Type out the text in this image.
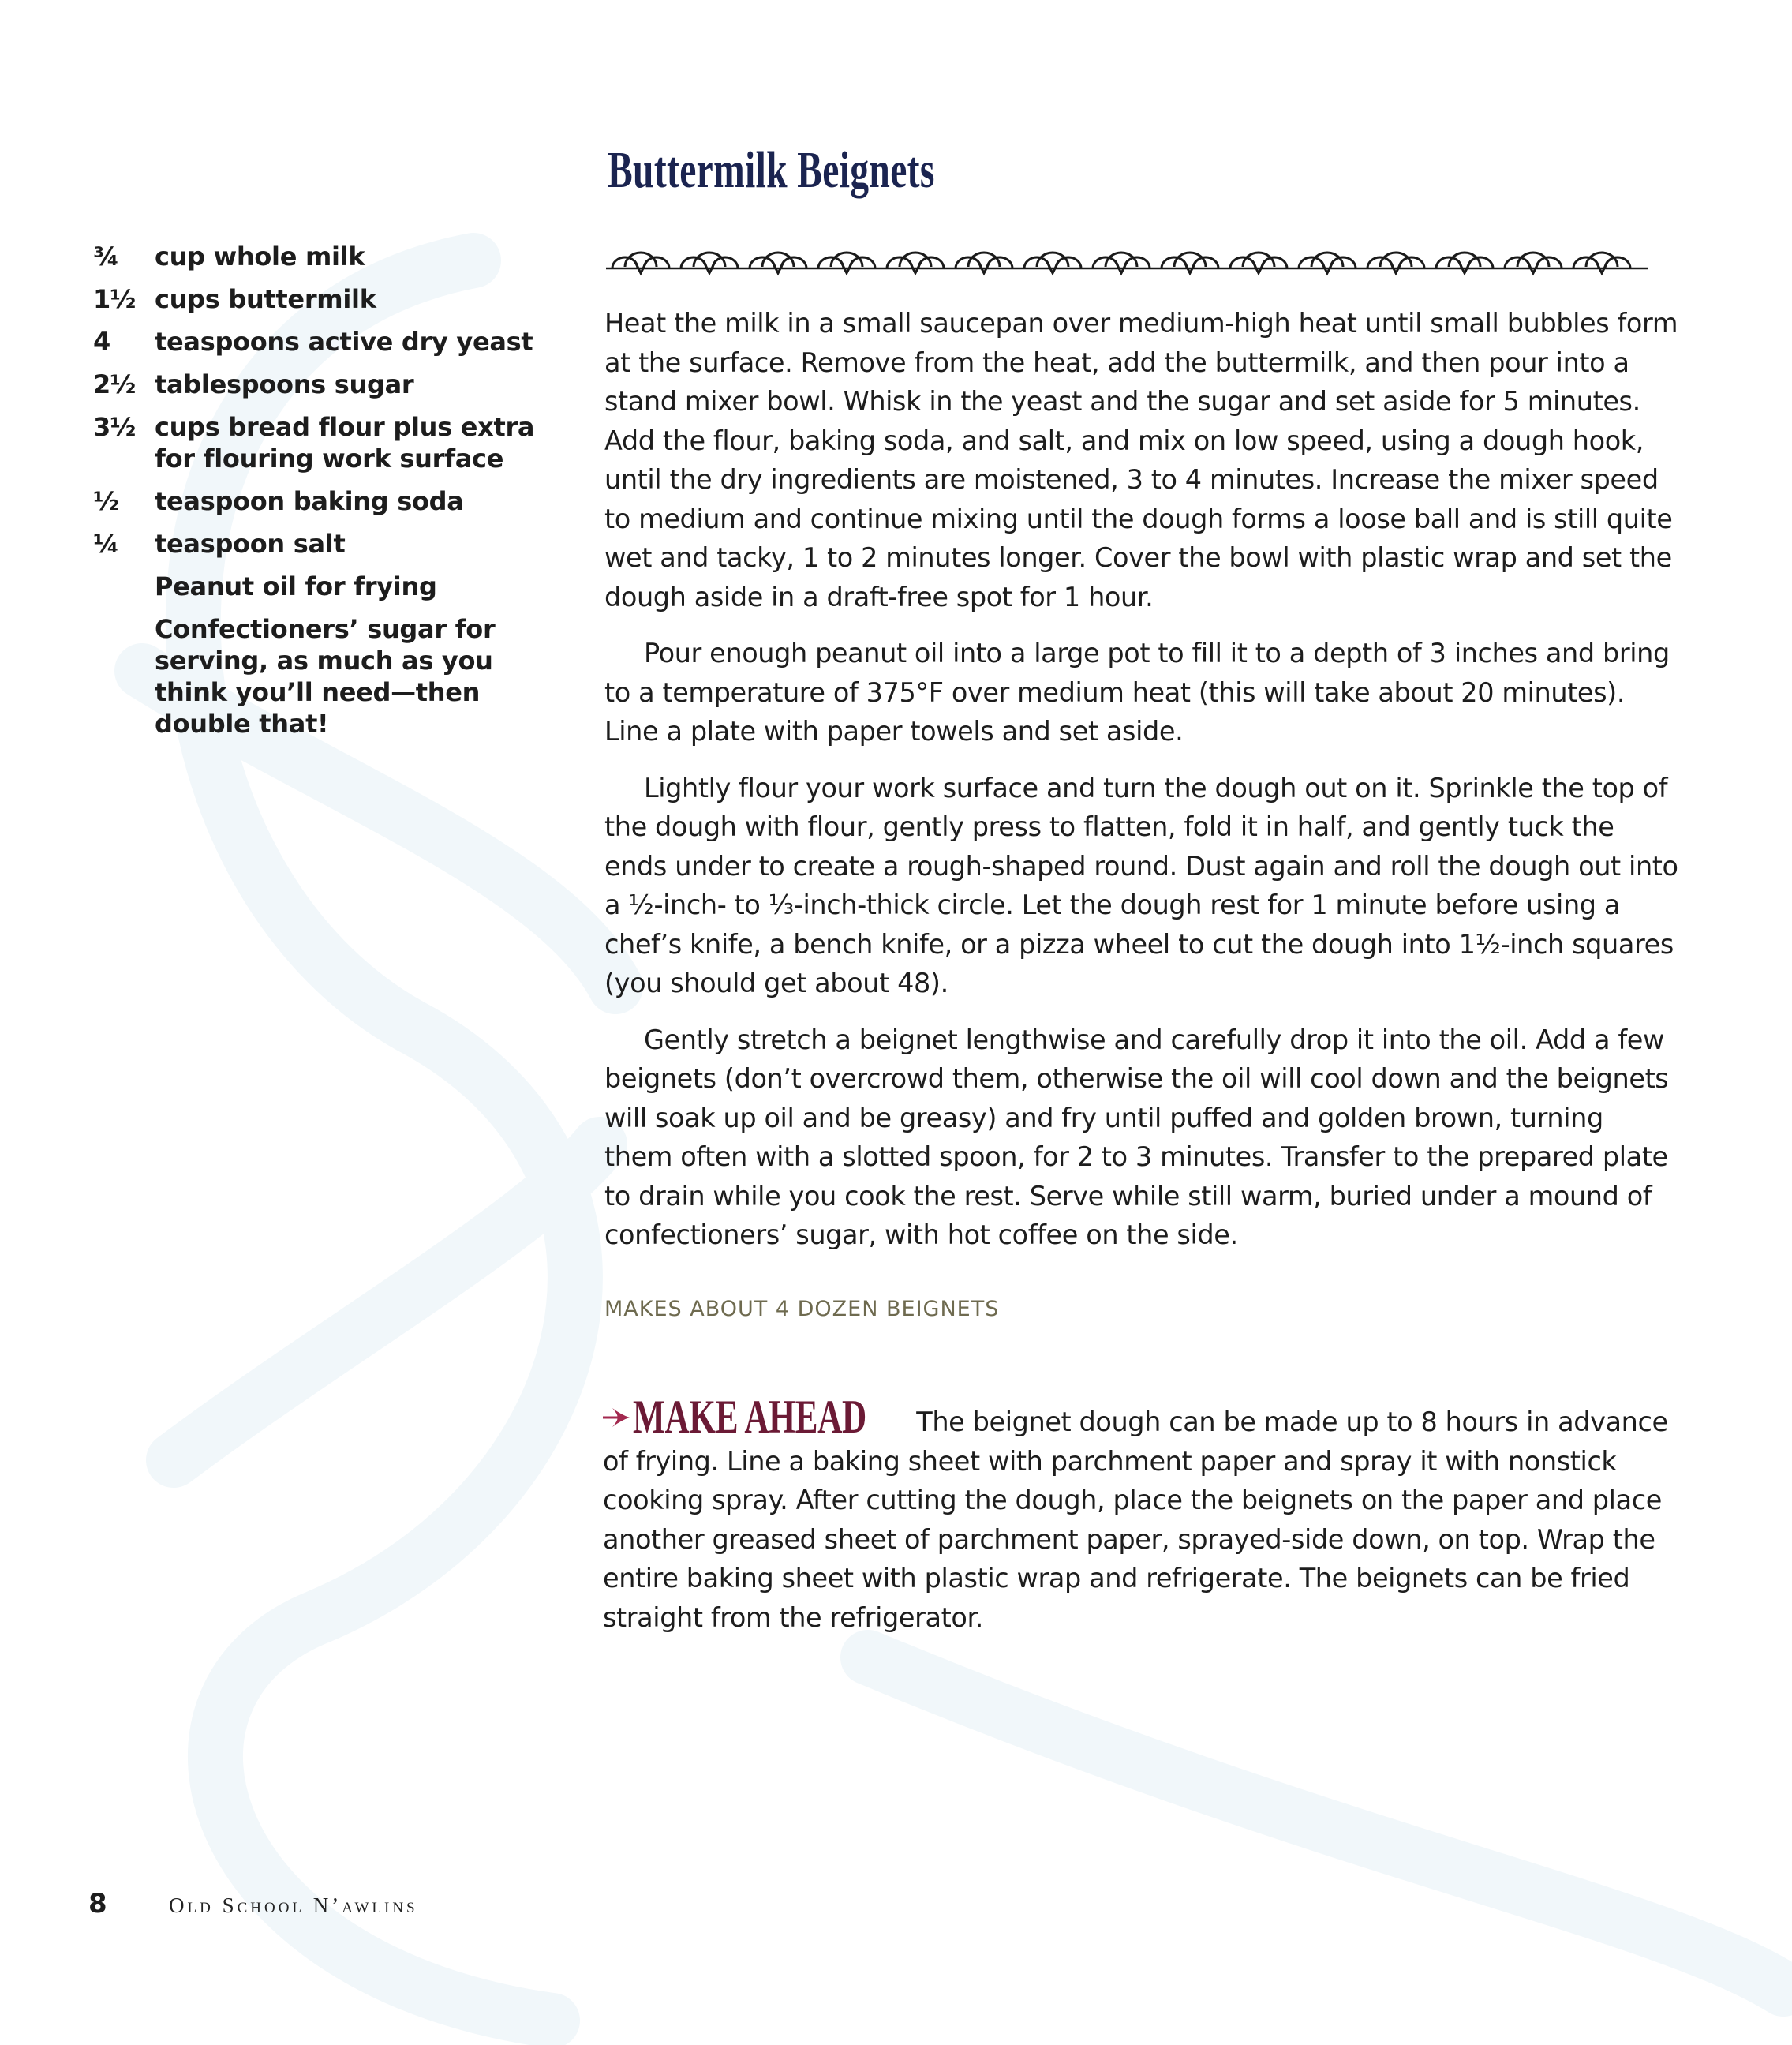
Buttermilk Beignets
¾	cup whole milk
1½ cups buttermilk
4	teaspoons active dry yeast
2½ tablespoons sugar
3½ cups bread flour plus extra for flouring work surface
½	teaspoon baking soda
¼	teaspoon salt
Peanut oil for frying
Confectioners’ sugar for serving, as much as you think you’ll need—then double that!

Heat the milk in a small saucepan over medium-high heat until small bubbles form at the surface. Remove from the heat, add the buttermilk, and then pour into a stand mixer bowl. Whisk in the yeast and the sugar and set aside for 5 minutes. Add the flour, baking soda, and salt, and mix on low speed, using a dough hook, until the dry ingredients are moistened, 3 to 4 minutes. Increase the mixer speed to medium and continue mixing until the dough forms a loose ball and is still quite wet and tacky, 1 to 2 minutes longer. Cover the bowl with plastic wrap and set the dough aside in a draft-free spot for 1 hour.

Pour enough peanut oil into a large pot to fill it to a depth of 3 inches and bring to a temperature of 375°F over medium heat (this will take about 20 minutes). Line a plate with paper towels and set aside.

Lightly flour your work surface and turn the dough out on it. Sprinkle the top of the dough with flour, gently press to flatten, fold it in half, and gently tuck the ends under to create a rough-shaped round. Dust again and roll the dough out into a ½-inch- to ⅓-inch-thick circle. Let the dough rest for 1 minute before using a chef’s knife, a bench knife, or a pizza wheel to cut the dough into 1½-inch squares (you should get about 48).

Gently stretch a beignet lengthwise and carefully drop it into the oil. Add a few beignets (don’t overcrowd them, otherwise the oil will cool down and the beignets will soak up oil and be greasy) and fry until puffed and golden brown, turning them often with a slotted spoon, for 2 to 3 minutes. Transfer to the prepared plate to drain while you cook the rest. Serve while still warm, buried under a mound of confectioners’ sugar, with hot coffee on the side.

MAKES ABOUT 4 DOZEN BEIGNETS
MAKE AHEAD The beignet dough can be made up to 8 hours in advance of frying. Line a baking sheet with parchment paper and spray it with nonstick cooking spray. After cutting the dough, place the beignets on the paper and place another greased sheet of parchment paper, sprayed-side down, on top. Wrap the entire baking sheet with plastic wrap and refrigerate. The beignets can be fried straight from the refrigerator.
8	Old School N’awlins
